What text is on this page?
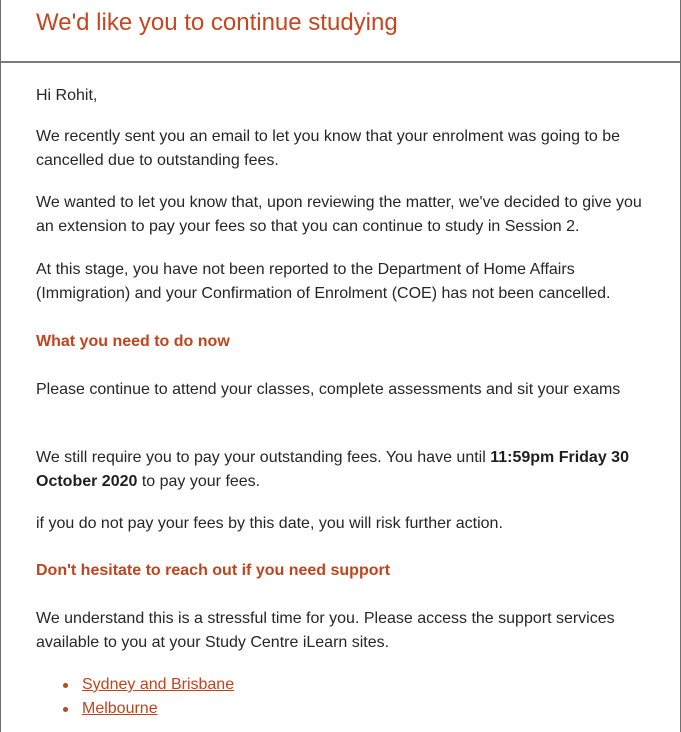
We'd like you to continue studying

Hi Rohit,

We recently sent you an email to let you know that your enrolment was going to be cancelled due to outstanding fees.

We wanted to let you know that, upon reviewing the matter, we've decided to give you an extension to pay your fees so that you can continue to study in Session 2.

At this stage, you have not been reported to the Department of Home Affairs (Immigration) and your Confirmation of Enrolment (COE) has not been cancelled.

What you need to do now

Please continue to attend your classes, complete assessments and sit your exams

We still require you to pay your outstanding fees. You have until 11:59pm Friday 30 October 2020 to pay your fees.

if you do not pay your fees by this date, you will risk further action.

Don't hesitate to reach out if you need support

We understand this is a stressful time for you. Please access the support services available to you at your Study Centre iLearn sites.

Sydney and Brisbane
Melbourne
